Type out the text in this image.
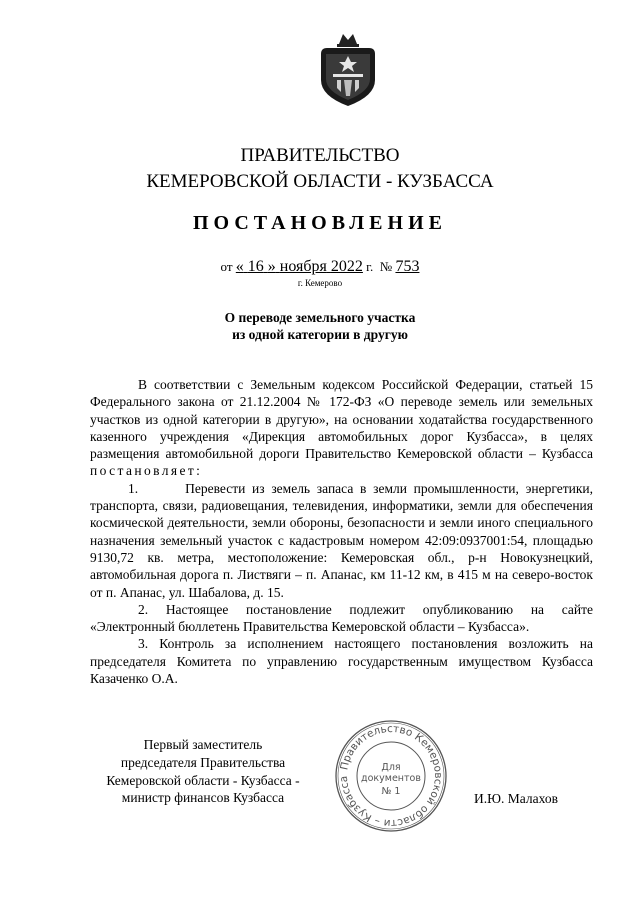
ПРАВИТЕЛЬСТВО
КЕМЕРОВСКОЙ ОБЛАСТИ - КУЗБАССА
ПОСТАНОВЛЕНИЕ
от « 16 » ноября 2022 г. № 753
г. Кемерово
О переводе земельного участка
из одной категории в другую

В соответствии с Земельным кодексом Российской Федерации, статьей 15 Федерального закона от 21.12.2004 № 172-ФЗ «О переводе земель или земельных участков из одной категории в другую», на основании ходатайства государственного казенного учреждения «Дирекция автомобильных дорог Кузбасса», в целях размещения автомобильной дороги Правительство Кемеровской области – Кузбасса постановляет:

1.	Перевести из земель запаса в земли промышленности, энергетики, транспорта, связи, радиовещания, телевидения, информатики, земли для обеспечения космической деятельности, земли обороны, безопасности и земли иного специального назначения земельный участок с кадастровым номером 42:09:0937001:54, площадью 9130,72 кв. метра, местоположение: Кемеровская обл., р-н Новокузнецкий, автомобильная дорога п. Листвяги – п. Апанас, км 11-12 км, в 415 м на северо-восток от п. Апанас, ул. Шабалова, д. 15.

2. Настоящее постановление подлежит опубликованию на сайте «Электронный бюллетень Правительства Кемеровской области – Кузбасса».

3. Контроль за исполнением настоящего постановления возложить на председателя Комитета по управлению государственным имуществом Кузбасса Казаченко О.А.

Первый заместитель
председателя Правительства
Кемеровской области - Кузбасса -
министр финансов Кузбасса
Правительство Кемеровской области – Кузбасса
Для
документов
№ 1	И.Ю. Малахов
